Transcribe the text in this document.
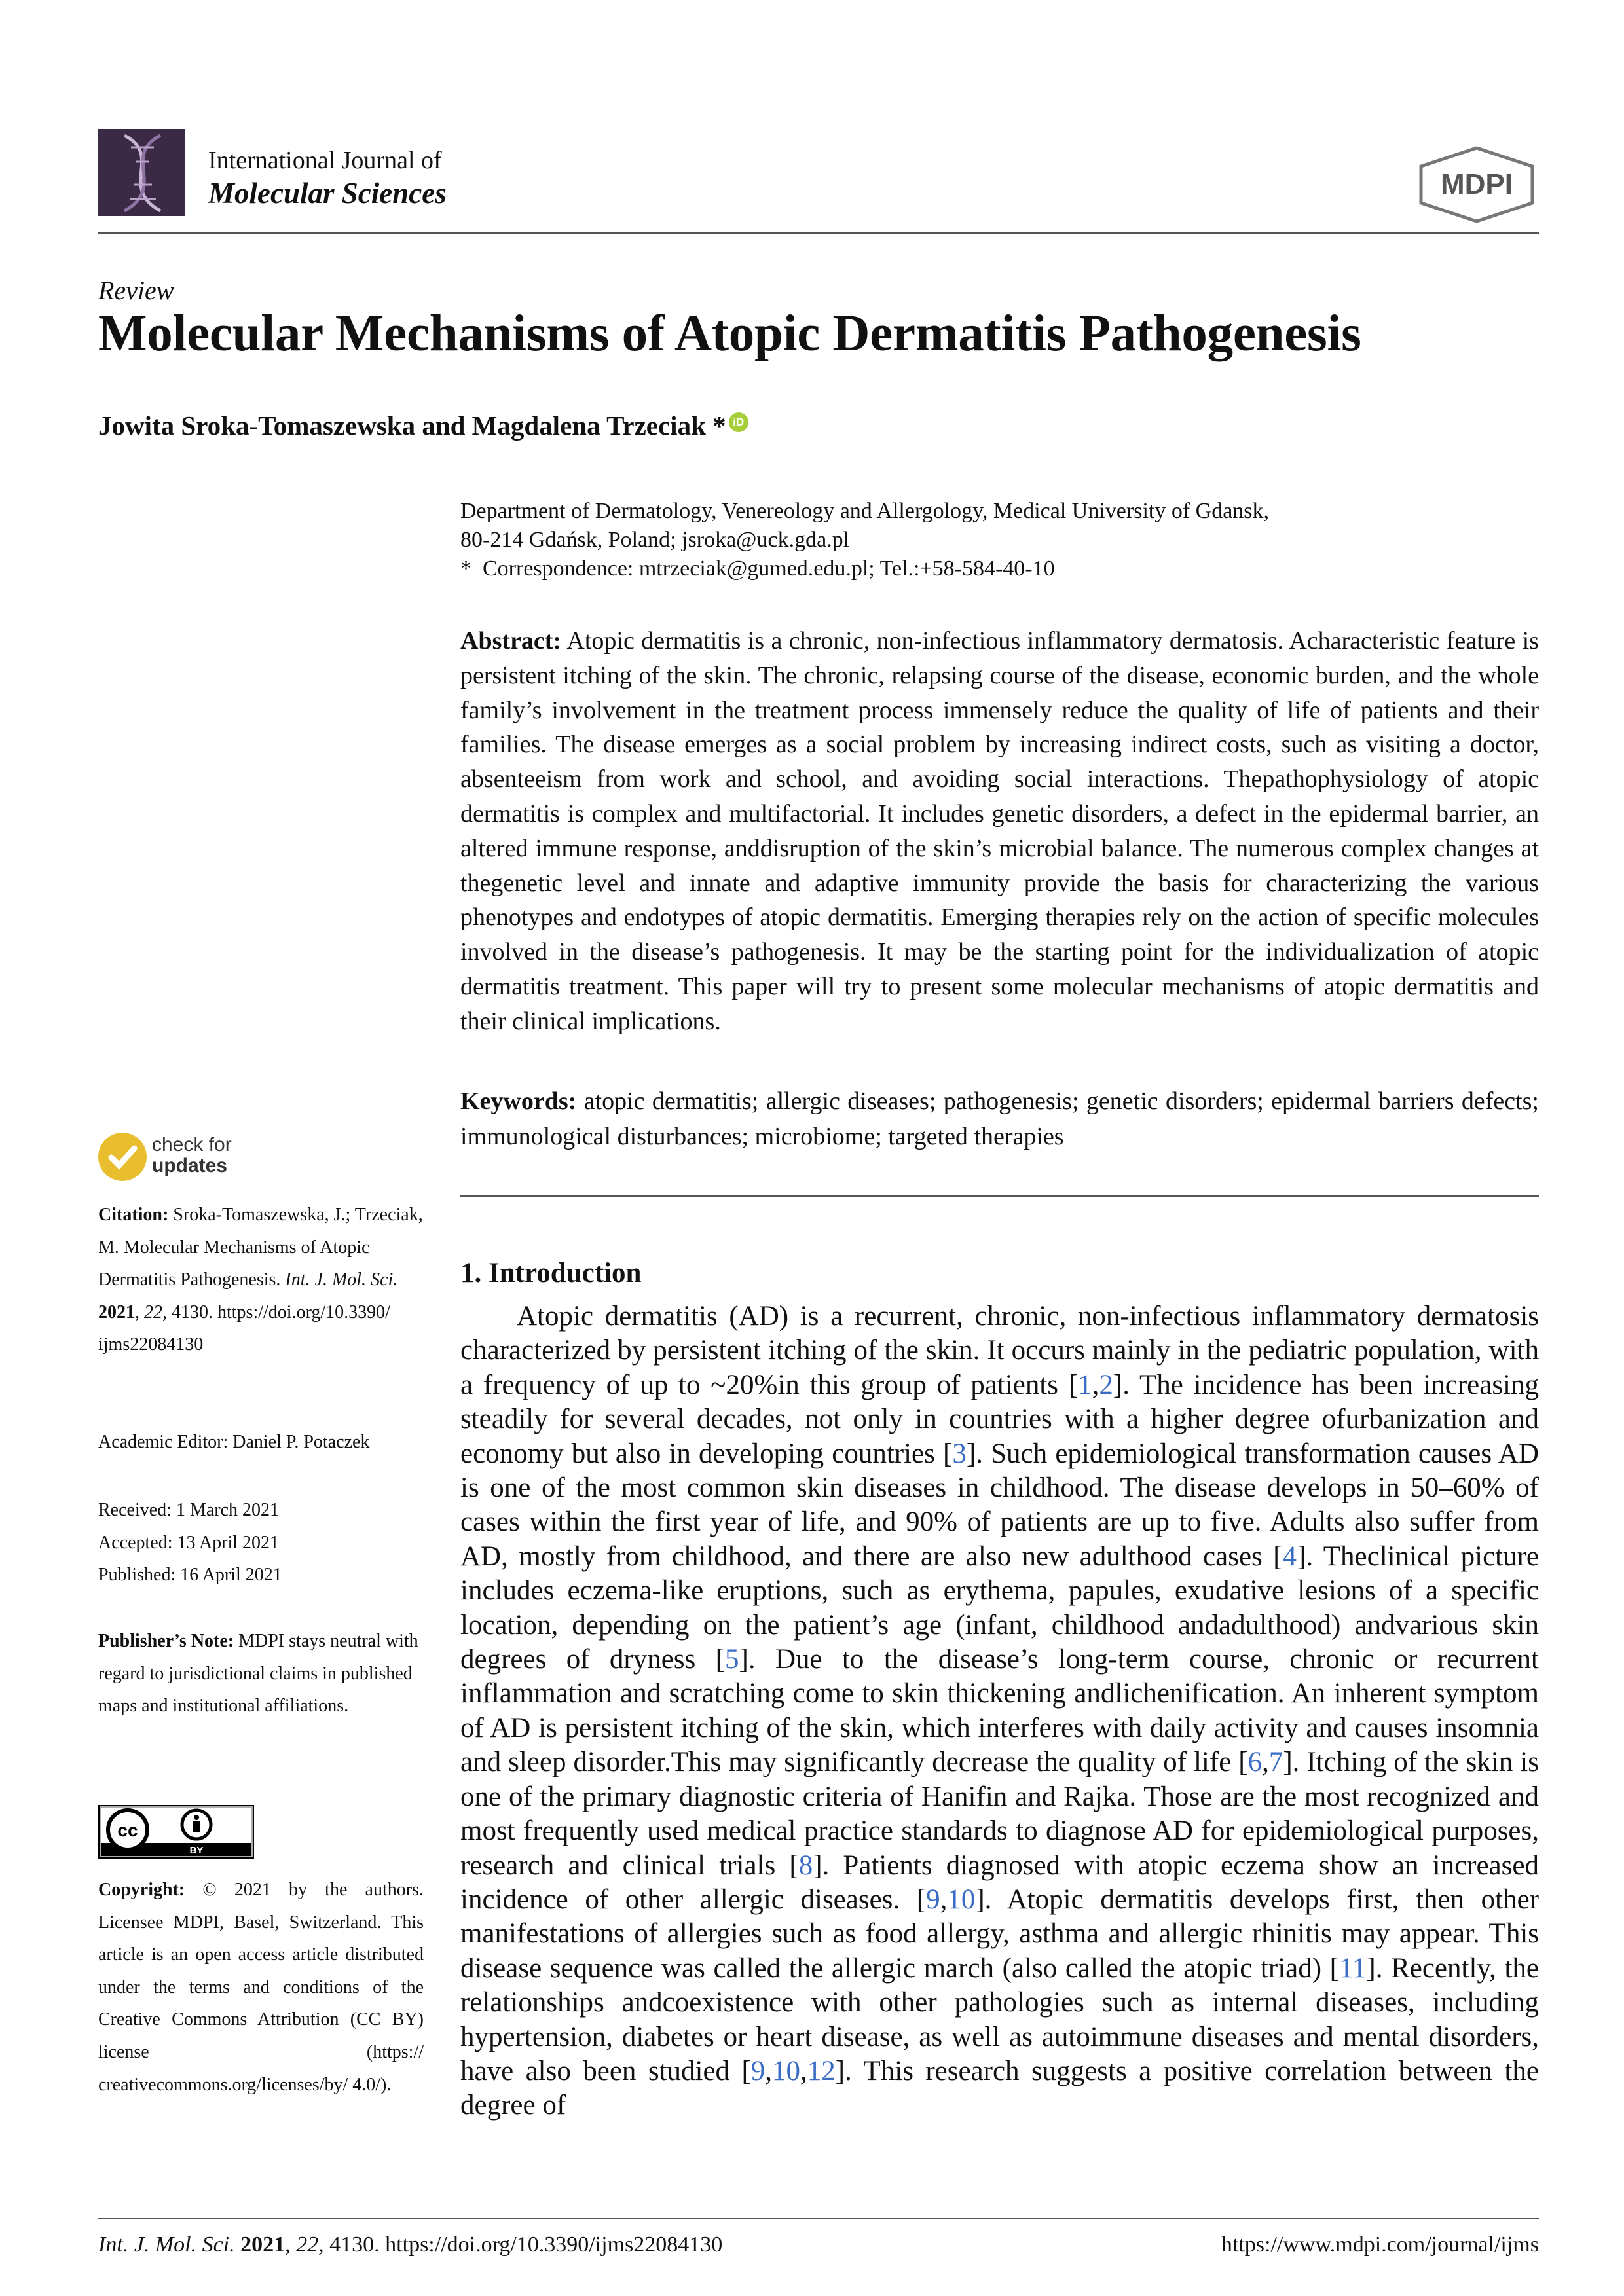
International Journal of
Molecular Sciences	MDPI
Review
Molecular Mechanisms of Atopic Dermatitis Pathogenesis
Jowita Sroka-Tomaszewska and Magdalena Trzeciak * iD
Department of Dermatology, Venereology and Allergology, Medical University of Gdansk,
80-214 Gdańsk, Poland; jsroka@uck.gda.pl
* Correspondence: mtrzeciak@gumed.edu.pl; Tel.:+58-584-40-10
Abstract: Atopic dermatitis is a chronic, non-infectious inflammatory dermatosis. Acharacteristic feature is persistent itching of the skin. The chronic, relapsing course of the disease, economic burden, and the whole family’s involvement in the treatment process immensely reduce the quality of life of patients and their families. The disease emerges as a social problem by increasing indirect costs, such as visiting a doctor, absenteeism from work and school, and avoiding social interactions. Thepathophysiology of atopic dermatitis is complex and multifactorial. It includes genetic disorders, a defect in the epidermal barrier, an altered immune response, anddisruption of the skin’s microbial balance. The numerous complex changes at thegenetic level and innate and adaptive immunity provide the basis for characterizing the various phenotypes and endotypes of atopic dermatitis. Emerging therapies rely on the action of specific molecules involved in the disease’s pathogenesis. It may be the starting point for the individualization of atopic dermatitis treatment. This paper will try to present some molecular mechanisms of atopic dermatitis and their clinical implications.
Keywords: atopic dermatitis; allergic diseases; pathogenesis; genetic disorders; epidermal barriers defects; immunological disturbances; microbiome; targeted therapies
1. Introduction
Atopic dermatitis (AD) is a recurrent, chronic, non-infectious inflammatory dermatosis characterized by persistent itching of the skin. It occurs mainly in the pediatric population, with a frequency of up to ~20%in this group of patients [1,2]. The incidence has been increasing steadily for several decades, not only in countries with a higher degree ofurbanization and economy but also in developing countries [3]. Such epidemiological transformation causes AD is one of the most common skin diseases in childhood. The disease develops in 50–60% of cases within the first year of life, and 90% of patients are up to five. Adults also suffer from AD, mostly from childhood, and there are also new adulthood cases [4]. Theclinical picture includes eczema-like eruptions, such as erythema, papules, exudative lesions of a specific location, depending on the patient’s age (infant, childhood andadulthood) andvarious skin degrees of dryness [5]. Due to the disease’s long-term course, chronic or recurrent inflammation and scratching come to skin thickening andlichenification. An inherent symptom of AD is persistent itching of the skin, which interferes with daily activity and causes insomnia and sleep disorder.This may significantly decrease the quality of life [6,7]. Itching of the skin is one of the primary diagnostic criteria of Hanifin and Rajka. Those are the most recognized and most frequently used medical practice standards to diagnose AD for epidemiological purposes, research and clinical trials [8]. Patients diagnosed with atopic eczema show an increased incidence of other allergic diseases. [9,10]. Atopic dermatitis develops first, then other manifestations of allergies such as food allergy, asthma and allergic rhinitis may appear. This disease sequence was called the allergic march (also called the atopic triad) [11]. Recently, the relationships andcoexistence with other pathologies such as internal diseases, including hypertension, diabetes or heart disease, as well as autoimmune diseases and mental disorders, have also been studied [9,10,12]. This research suggests a positive correlation between the degree of
check for
updates
Citation: Sroka-Tomaszewska, J.; Trzeciak, M. Molecular Mechanisms of Atopic Dermatitis Pathogenesis. Int. J. Mol. Sci. 2021, 22, 4130. https://doi.org/10.3390/ ijms22084130
Academic Editor: Daniel P. Potaczek
Received: 1 March 2021
Accepted: 13 April 2021
Published: 16 April 2021
Publisher’s Note: MDPI stays neutral with regard to jurisdictional claims in published maps and institutional affiliations.
cc
BY
Copyright: © 2021 by the authors. Licensee MDPI, Basel, Switzerland. This article is an open access article distributed under the terms and conditions of the Creative Commons Attribution (CC BY) license (https:// creativecommons.org/licenses/by/ 4.0/).
Int. J. Mol. Sci. 2021, 22, 4130. https://doi.org/10.3390/ijms22084130	https://www.mdpi.com/journal/ijms
